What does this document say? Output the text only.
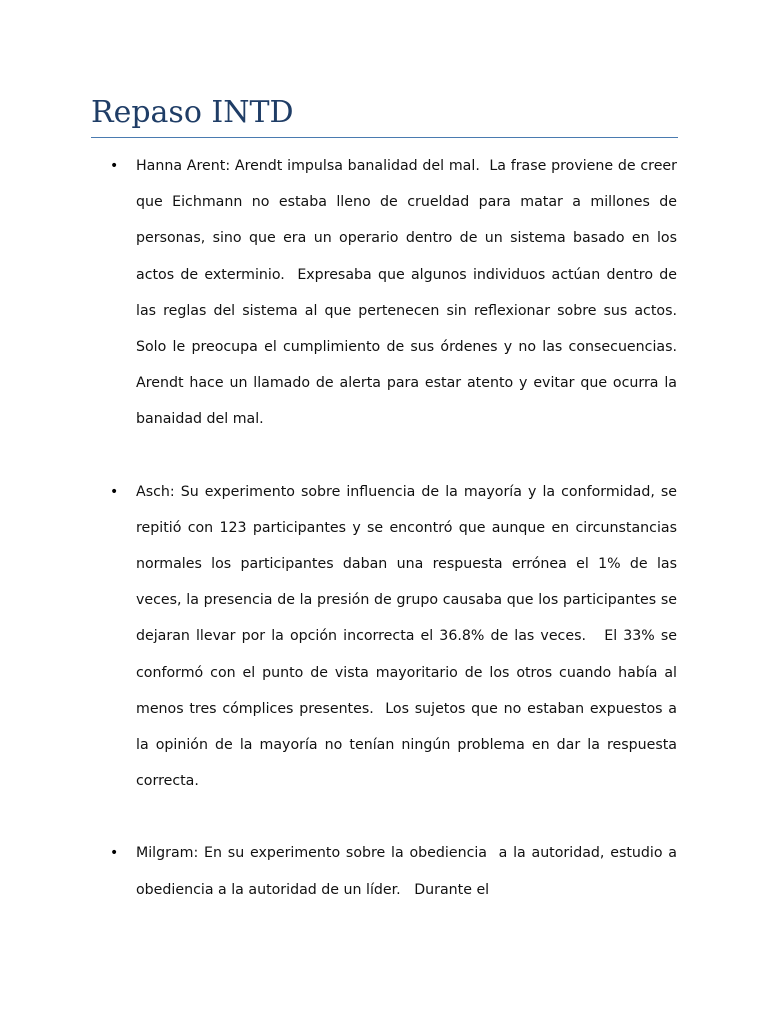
Repaso INTD
• Hanna Arent: Arendt impulsa banalidad del mal.  La frase proviene de creer que Eichmann no estaba lleno de crueldad para matar a millones de personas, sino que era un operario dentro de un sistema basado en los actos de exterminio.  Expresaba que algunos individuos actúan dentro de las reglas del sistema al que pertenecen sin reflexionar sobre sus actos.  Solo le preocupa el cumplimiento de sus órdenes y no las consecuencias.  Arendt hace un llamado de alerta para estar atento y evitar que ocurra la banaidad del mal.

• Asch: Su experimento sobre influencia de la mayoría y la conformidad, se repitió con 123 participantes y se encontró que aunque en circunstancias normales los participantes daban una respuesta errónea el 1% de las veces, la presencia de la presión de grupo causaba que los participantes se dejaran llevar por la opción incorrecta el 36.8% de las veces.   El 33% se conformó con el punto de vista mayoritario de los otros cuando había al menos tres cómplices presentes.  Los sujetos que no estaban expuestos a la opinión de la mayoría no tenían ningún problema en dar la respuesta correcta.

• Milgram: En su experimento sobre la obediencia  a la autoridad, estudio a obediencia a la autoridad de un líder.   Durante el
